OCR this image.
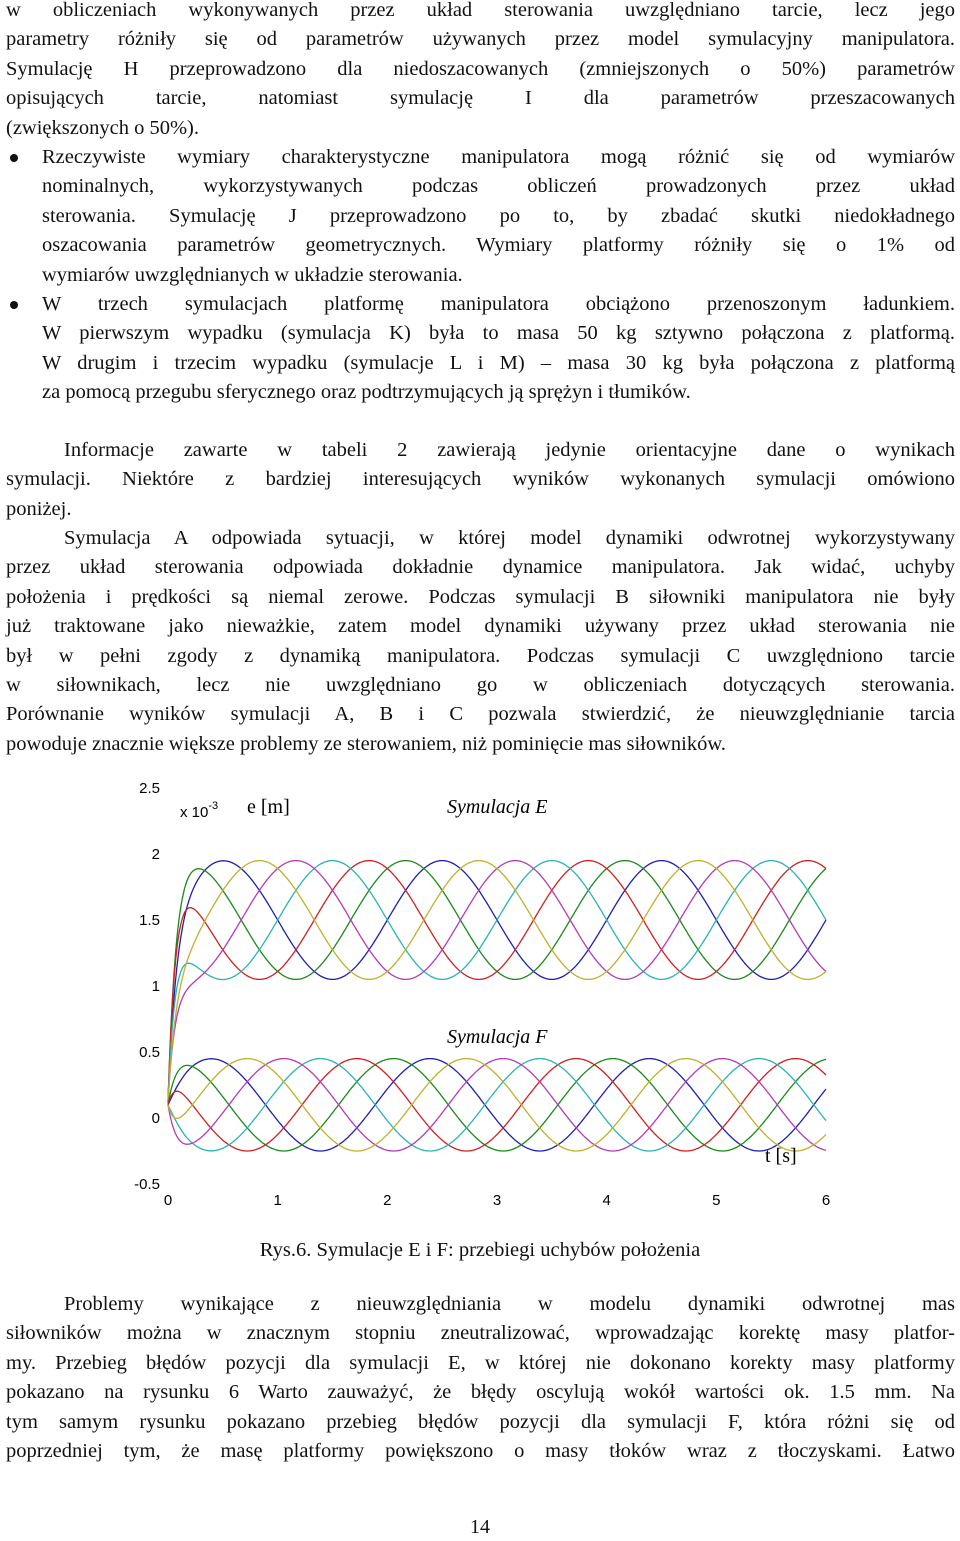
w obliczeniach wykonywanych przez układ sterowania uwzględniano tarcie, lecz jego
parametry różniły się od parametrów używanych przez model symulacyjny manipulatora.
Symulację H przeprowadzono dla niedoszacowanych (zmniejszonych o 50%) parametrów
opisujących tarcie, natomiast symulację I dla parametrów przeszacowanych
(zwiększonych o 50%).
Rzeczywiste wymiary charakterystyczne manipulatora mogą różnić się od wymiarów
nominalnych, wykorzystywanych podczas obliczeń prowadzonych przez układ
sterowania. Symulację J przeprowadzono po to, by zbadać skutki niedokładnego
oszacowania parametrów geometrycznych. Wymiary platformy różniły się o 1% od
wymiarów uwzględnianych w układzie sterowania.
W trzech symulacjach platformę manipulatora obciążono przenoszonym ładunkiem.
W pierwszym wypadku (symulacja K) była to masa 50 kg sztywno połączona z platformą.
W drugim i trzecim wypadku (symulacje L i M) – masa 30 kg była połączona z platformą
za pomocą przegubu sferycznego oraz podtrzymujących ją sprężyn i tłumików.
Informacje zawarte w tabeli 2 zawierają jedynie orientacyjne dane o wynikach
symulacji. Niektóre z bardziej interesujących wyników wykonanych symulacji omówiono
poniżej.
Symulacja A odpowiada sytuacji, w której model dynamiki odwrotnej wykorzystywany
przez układ sterowania odpowiada dokładnie dynamice manipulatora. Jak widać, uchyby
położenia i prędkości są niemal zerowe. Podczas symulacji B siłowniki manipulatora nie były
już traktowane jako nieważkie, zatem model dynamiki używany przez układ sterowania nie
był w pełni zgody z dynamiką manipulatora. Podczas symulacji C uwzględniono tarcie
w siłownikach, lecz nie uwzględniano go w obliczeniach dotyczących sterowania.
Porównanie wyników symulacji A, B i C pozwala stwierdzić, że nieuwzględnianie tarcia
powoduje znacznie większe problemy ze sterowaniem, niż pominięcie mas siłowników.
Problemy wynikające z nieuwzględniania w modelu dynamiki odwrotnej mas
siłowników można w znacznym stopniu zneutralizować, wprowadzając korektę masy platfor-
my. Przebieg błędów pozycji dla symulacji E, w której nie dokonano korekty masy platformy
pokazano na rysunku 6 Warto zauważyć, że błędy oscylują wokół wartości ok. 1.5 mm. Na
tym samym rysunku pokazano przebieg błędów pozycji dla symulacji F, która różni się od
poprzedniej tym, że masę platformy powiększono o masy tłoków wraz z tłoczyskami. Łatwo
0	1	2	3	4	5	6
2.5
2
1.5
1
0.5
0
-0.5
x $10^{-3}$ e [m]	Symulacja E
Symulacja F
t [s]
Rys.6. Symulacje E i F: przebiegi uchybów położenia
14
